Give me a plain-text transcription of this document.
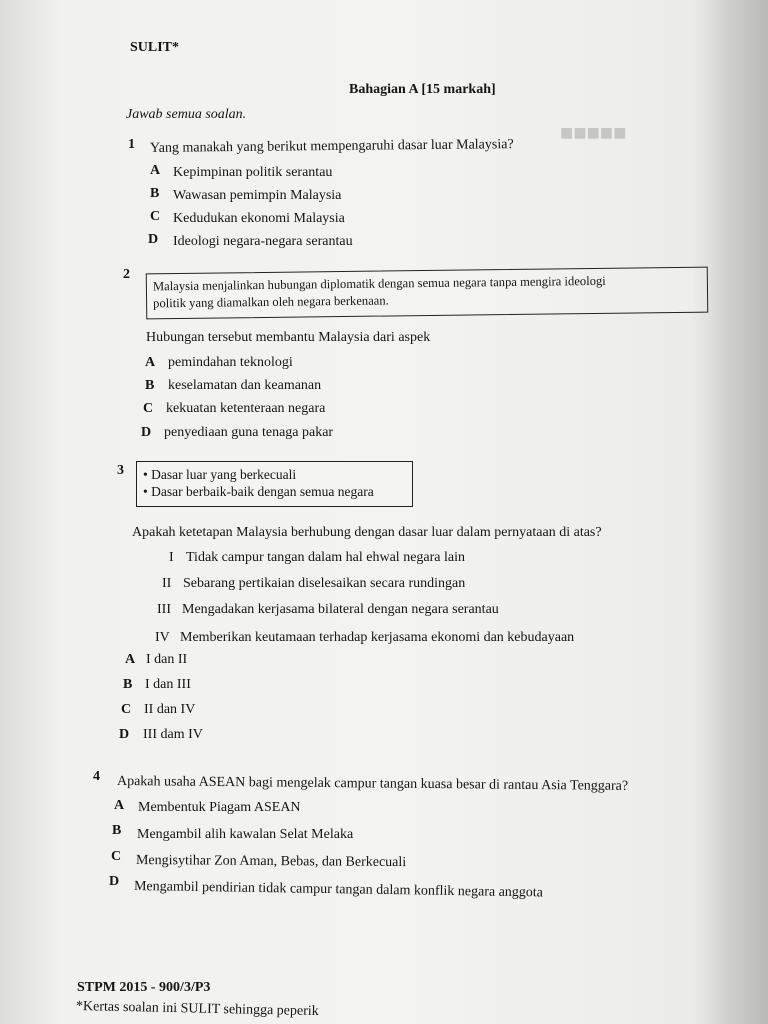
■■■■■
SULIT*
Bahagian A [15 markah]
Jawab semua soalan.
1 Yang manakah yang berikut mempengaruhi dasar luar Malaysia?
A Kepimpinan politik serantau
B Wawasan pemimpin Malaysia
C Kedudukan ekonomi Malaysia
D Ideologi negara-negara serantau
2 Malaysia menjalinkan hubungan diplomatik dengan semua negara tanpa mengira ideologi
politik yang diamalkan oleh negara berkenaan.
Hubungan tersebut membantu Malaysia dari aspek
A pemindahan teknologi
B keselamatan dan keamanan
C kekuatan ketenteraan negara
D penyediaan guna tenaga pakar
3 • Dasar luar yang berkecuali
• Dasar berbaik-baik dengan semua negara
Apakah ketetapan Malaysia berhubung dengan dasar luar dalam pernyataan di atas?
I Tidak campur tangan dalam hal ehwal negara lain
II Sebarang pertikaian diselesaikan secara rundingan
III Mengadakan kerjasama bilateral dengan negara serantau
IV Memberikan keutamaan terhadap kerjasama ekonomi dan kebudayaan
A I dan II
B I dan III
C II dan IV
D III dam IV
4 Apakah usaha ASEAN bagi mengelak campur tangan kuasa besar di rantau Asia Tenggara?
A Membentuk Piagam ASEAN
B Mengambil alih kawalan Selat Melaka
C Mengisytihar Zon Aman, Bebas, dan Berkecuali
D Mengambil pendirian tidak campur tangan dalam konflik negara anggota
STPM 2015 - 900/3/P3
*Kertas soalan ini SULIT sehingga peperik
